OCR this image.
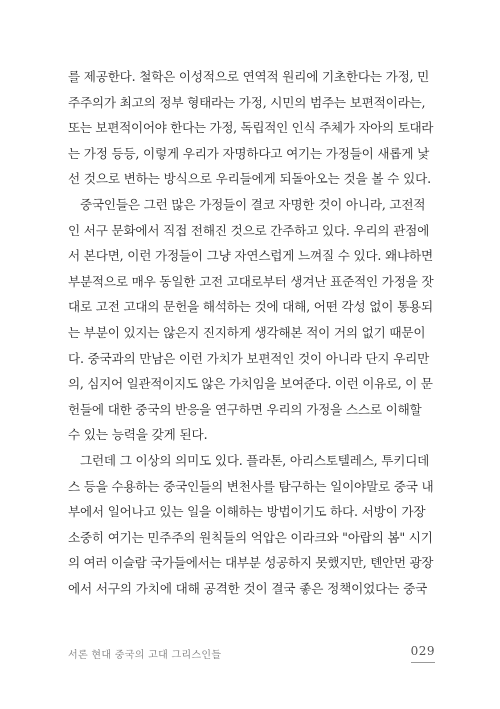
를 제공한다. 철학은 이성적으로 연역적 원리에 기초한다는 가정, 민
주주의가 최고의 정부 형태라는 가정, 시민의 범주는 보편적이라는,
또는 보편적이어야 한다는 가정, 독립적인 인식 주체가 자아의 토대라
는 가정 등등, 이렇게 우리가 자명하다고 여기는 가정들이 새롭게 낯
선 것으로 변하는 방식으로 우리들에게 되돌아오는 것을 볼 수 있다.
중국인들은 그런 많은 가정들이 결코 자명한 것이 아니라, 고전적
인 서구 문화에서 직접 전해진 것으로 간주하고 있다. 우리의 관점에
서 본다면, 이런 가정들이 그냥 자연스럽게 느껴질 수 있다. 왜냐하면
부분적으로 매우 동일한 고전 고대로부터 생겨난 표준적인 가정을 잣
대로 고전 고대의 문헌을 해석하는 것에 대해, 어떤 각성 없이 통용되
는 부분이 있지는 않은지 진지하게 생각해본 적이 거의 없기 때문이
다. 중국과의 만남은 이런 가치가 보편적인 것이 아니라 단지 우리만
의, 심지어 일관적이지도 않은 가치임을 보여준다. 이런 이유로, 이 문
헌들에 대한 중국의 반응을 연구하면 우리의 가정을 스스로 이해할
수 있는 능력을 갖게 된다.
그런데 그 이상의 의미도 있다. 플라톤, 아리스토텔레스, 투키디데
스 등을 수용하는 중국인들의 변천사를 탐구하는 일이야말로 중국 내
부에서 일어나고 있는 일을 이해하는 방법이기도 하다. 서방이 가장
소중히 여기는 민주주의 원칙들의 억압은 이라크와 "아랍의 봄" 시기
의 여러 이슬람 국가들에서는 대부분 성공하지 못했지만, 톈안먼 광장
에서 서구의 가치에 대해 공격한 것이 결국 좋은 정책이었다는 중국
서론 현대 중국의 고대 그리스인들	029
